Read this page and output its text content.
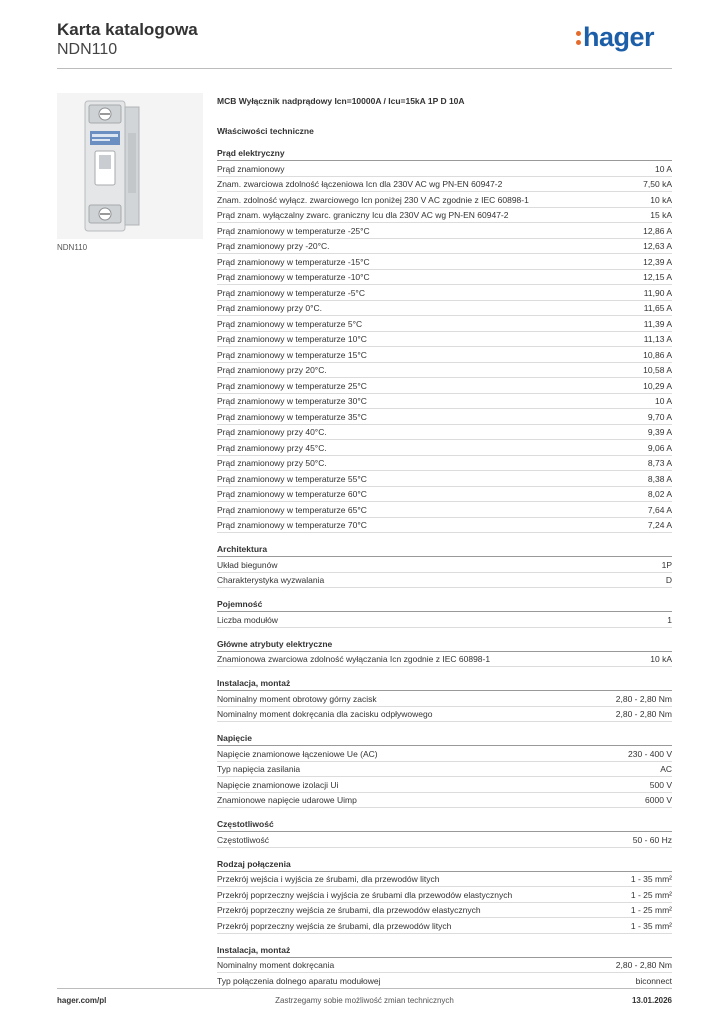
Karta katalogowa
NDN110	hager
NDN110
MCB Wyłącznik nadprądowy Icn=10000A / Icu=15kA 1P D 10A
Właściwości techniczne
Prąd elektryczny
Prąd znamionowy	10 A
Znam. zwarciowa zdolność łączeniowa Icn dla 230V AC wg PN-EN 60947-2	7,50 kA
Znam. zdolność wyłącz. zwarciowego Icn poniżej 230 V AC zgodnie z IEC 60898-1	10 kA
Prąd znam. wyłączalny zwarc. graniczny Icu dla 230V AC wg PN-EN 60947-2	15 kA
Prąd znamionowy w temperaturze -25°C	12,86 A
Prąd znamionowy przy -20°C.	12,63 A
Prąd znamionowy w temperaturze -15°C	12,39 A
Prąd znamionowy w temperaturze -10°C	12,15 A
Prąd znamionowy w temperaturze -5°C	11,90 A
Prąd znamionowy przy 0°C.	11,65 A
Prąd znamionowy w temperaturze 5°C	11,39 A
Prąd znamionowy w temperaturze 10°C	11,13 A
Prąd znamionowy w temperaturze 15°C	10,86 A
Prąd znamionowy przy 20°C.	10,58 A
Prąd znamionowy w temperaturze 25°C	10,29 A
Prąd znamionowy w temperaturze 30°C	10 A
Prąd znamionowy w temperaturze 35°C	9,70 A
Prąd znamionowy przy 40°C.	9,39 A
Prąd znamionowy przy 45°C.	9,06 A
Prąd znamionowy przy 50°C.	8,73 A
Prąd znamionowy w temperaturze 55°C	8,38 A
Prąd znamionowy w temperaturze 60°C	8,02 A
Prąd znamionowy w temperaturze 65°C	7,64 A
Prąd znamionowy w temperaturze 70°C	7,24 A
Architektura
Układ biegunów	1P
Charakterystyka wyzwalania	D
Pojemność
Liczba modułów	1
Główne atrybuty elektryczne
Znamionowa zwarciowa zdolność wyłączania Icn zgodnie z IEC 60898-1	10 kA
Instalacja, montaż
Nominalny moment obrotowy górny zacisk	2,80 - 2,80 Nm
Nominalny moment dokręcania dla zacisku odpływowego	2,80 - 2,80 Nm
Napięcie
Napięcie znamionowe łączeniowe Ue (AC)	230 - 400 V
Typ napięcia zasilania	AC
Napięcie znamionowe izolacji Ui	500 V
Znamionowe napięcie udarowe Uimp	6000 V
Częstotliwość
Częstotliwość	50 - 60 Hz
Rodzaj połączenia
Przekrój wejścia i wyjścia ze śrubami, dla przewodów litych	1 - 35 mm²
Przekrój poprzeczny wejścia i wyjścia ze śrubami dla przewodów elastycznych	1 - 25 mm²
Przekrój poprzeczny wejścia ze śrubami, dla przewodów elastycznych	1 - 25 mm²
Przekrój poprzeczny wejścia ze śrubami, dla przewodów litych	1 - 35 mm²
Instalacja, montaż
Nominalny moment dokręcania	2,80 - 2,80 Nm
Typ połączenia dolnego aparatu modułowej	biconnect
Zastrzegamy sobie możliwość zmian technicznych
hager.com/pl	13.01.2026
